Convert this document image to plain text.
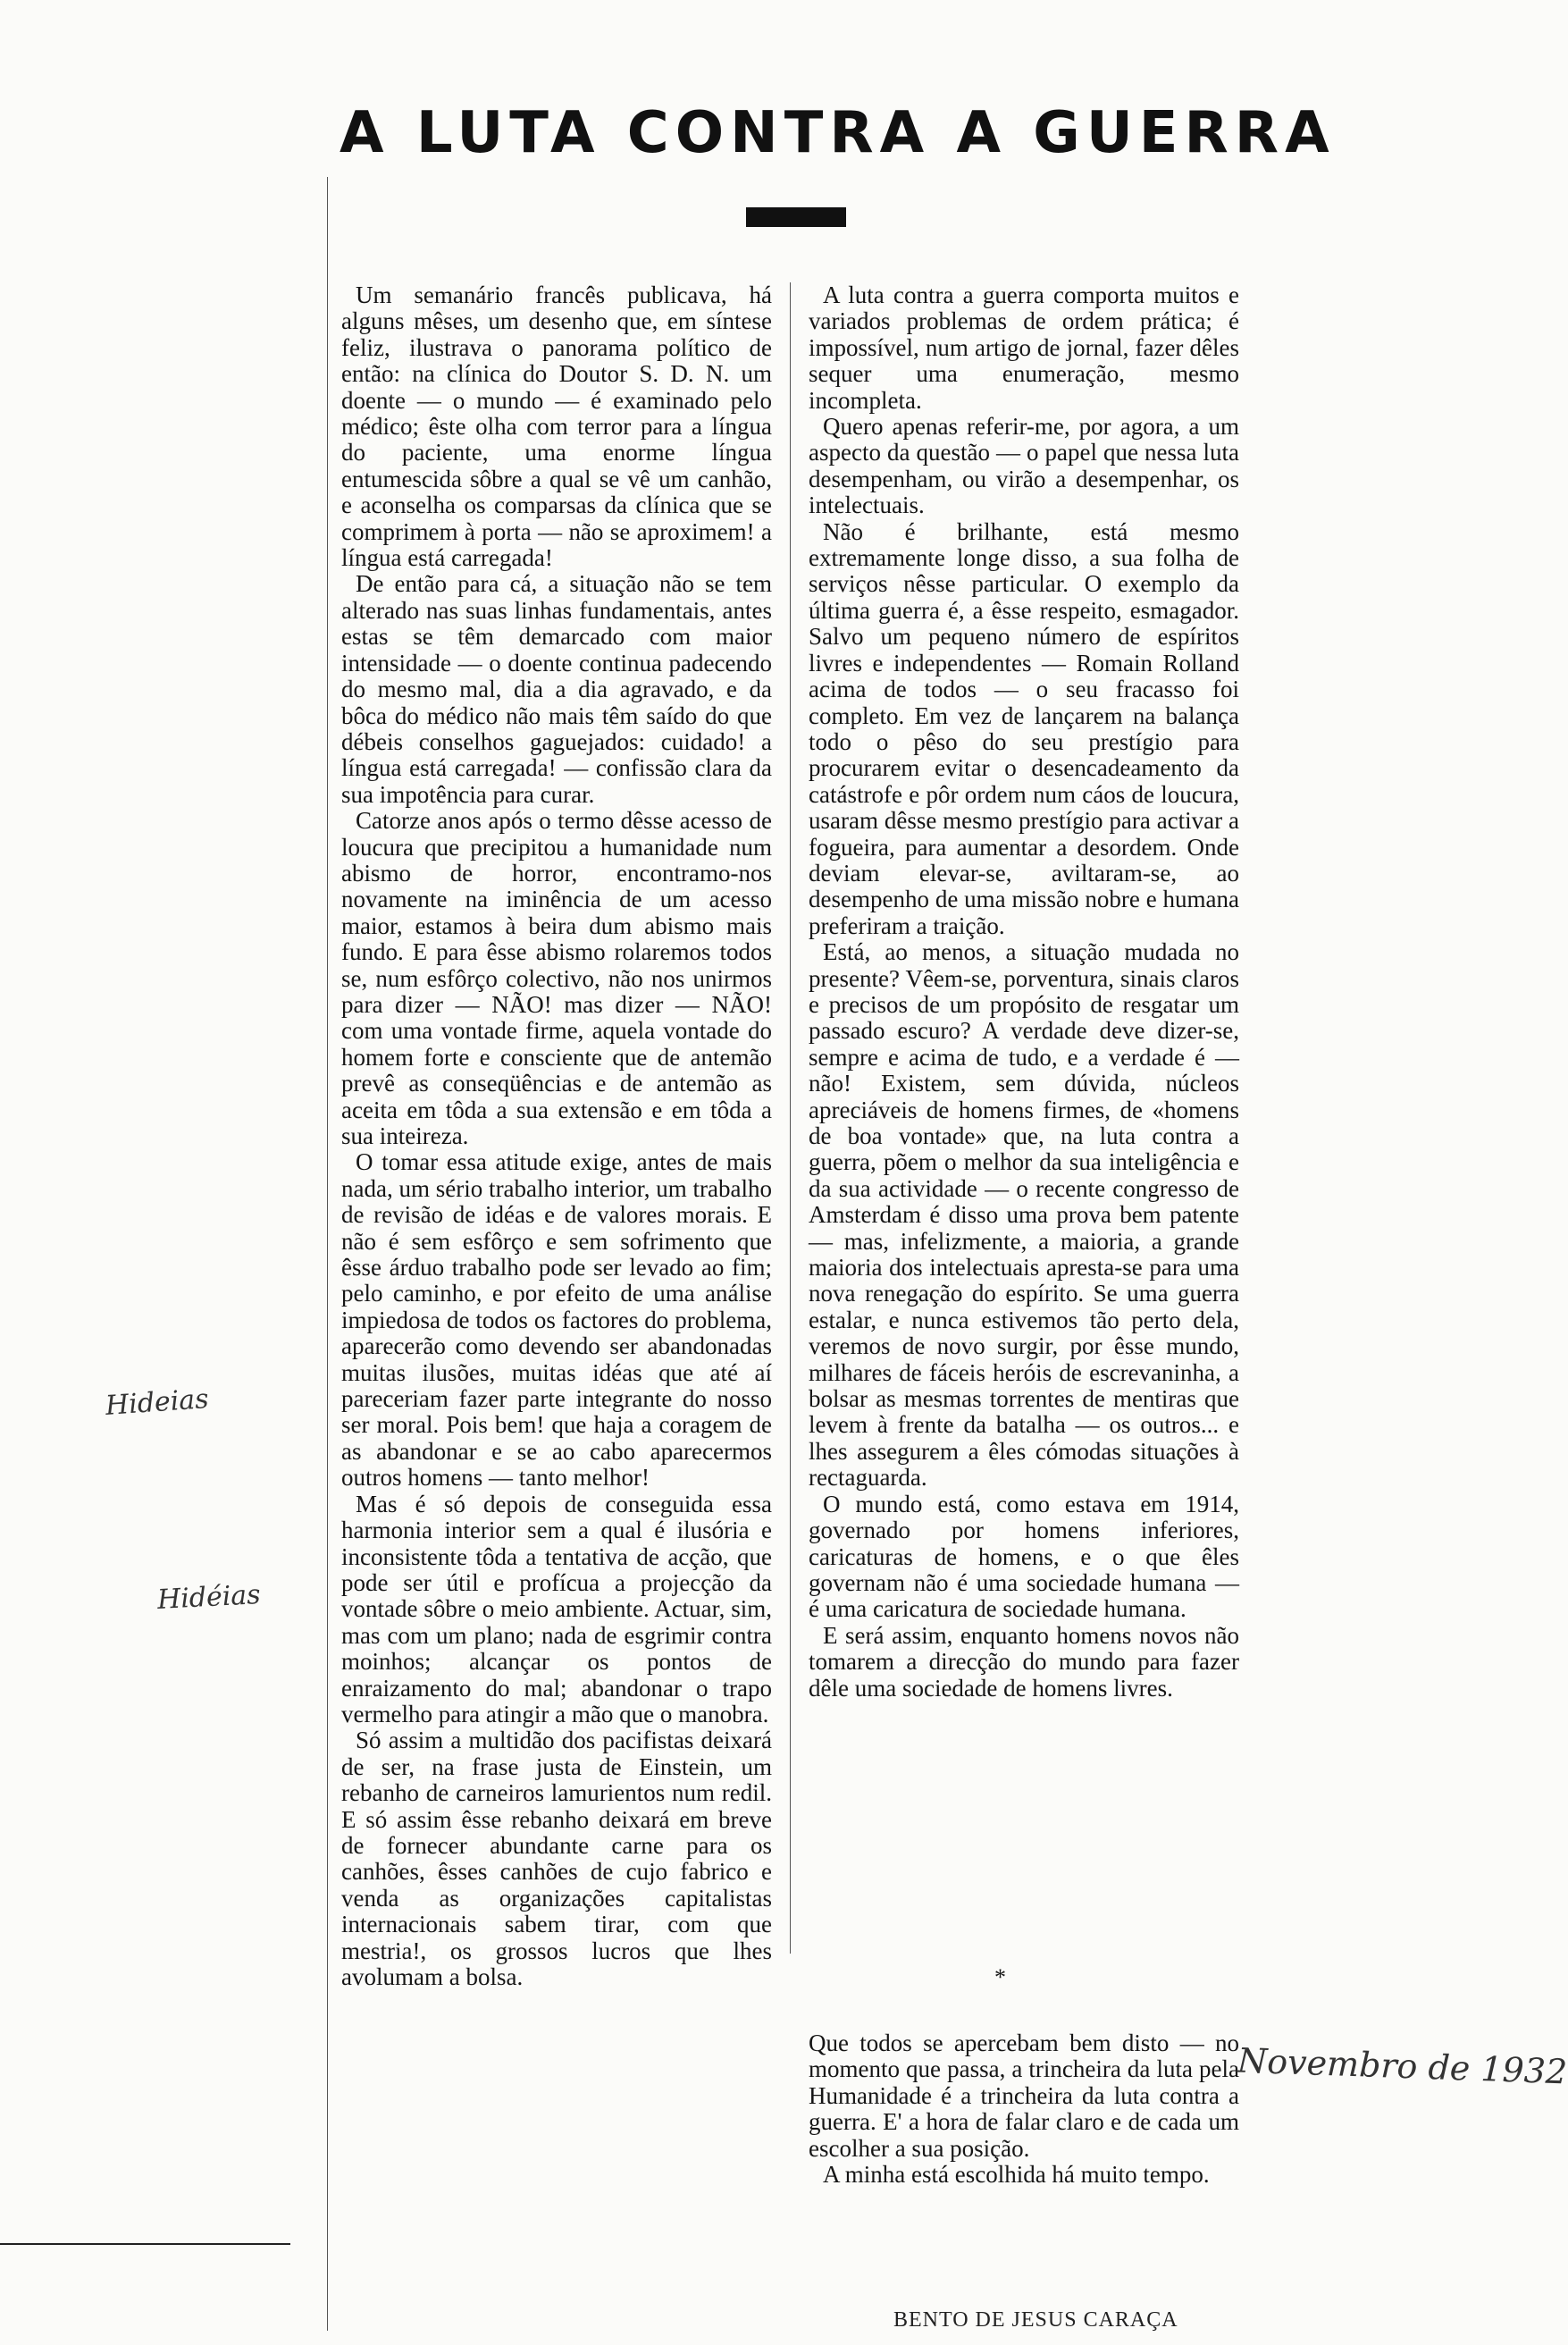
A LUTA CONTRA A GUERRA

Um semanário francês publicava, há alguns mêses, um desenho que, em síntese feliz, ilustrava o panorama político de então: na clínica do Doutor S. D. N. um doente — o mundo — é examinado pelo médico; êste olha com terror para a língua do paciente, uma enorme língua entumescida sôbre a qual se vê um canhão, e aconselha os comparsas da clínica que se comprimem à porta — não se aproximem! a língua está carregada!

De então para cá, a situação não se tem alterado nas suas linhas fundamentais, antes estas se têm demarcado com maior intensidade — o doente continua padecendo do mesmo mal, dia a dia agravado, e da bôca do médico não mais têm saído do que débeis conselhos gaguejados: cuidado! a língua está carregada! — confissão clara da sua impotência para curar.

Catorze anos após o termo dêsse acesso de loucura que precipitou a humanidade num abismo de horror, encontramo-nos novamente na iminência de um acesso maior, estamos à beira dum abismo mais fundo. E para êsse abismo rolaremos todos se, num esfôrço colectivo, não nos unirmos para dizer — NÃO! mas dizer — NÃO! com uma vontade firme, aquela vontade do homem forte e consciente que de antemão prevê as conseqüências e de antemão as aceita em tôda a sua extensão e em tôda a sua inteireza.

O tomar essa atitude exige, antes de mais nada, um sério trabalho interior, um trabalho de revisão de idéas e de valores morais. E não é sem esfôrço e sem sofrimento que êsse árduo trabalho pode ser levado ao fim; pelo caminho, e por efeito de uma análise impiedosa de todos os factores do problema, aparecerão como devendo ser abandonadas muitas ilusões, muitas idéas que até aí pareceriam fazer parte integrante do nosso ser moral. Pois bem! que haja a coragem de as abandonar e se ao cabo aparecermos outros homens — tanto melhor!

Mas é só depois de conseguida essa harmonia interior sem a qual é ilusória e inconsistente tôda a tentativa de acção, que pode ser útil e profícua a projecção da vontade sôbre o meio ambiente. Actuar, sim, mas com um plano; nada de esgrimir contra moinhos; alcançar os pontos de enraizamento do mal; abandonar o trapo vermelho para atingir a mão que o manobra.

Só assim a multidão dos pacifistas deixará de ser, na frase justa de Einstein, um rebanho de carneiros lamurientos num redil. E só assim êsse rebanho deixará em breve de fornecer abundante carne para os canhões, êsses canhões de cujo fabrico e venda as organizações capitalistas internacionais sabem tirar, com que mestria!, os grossos lucros que lhes avolumam a bolsa.

A luta contra a guerra comporta muitos e variados problemas de ordem prática; é impossível, num artigo de jornal, fazer dêles sequer uma enumeração, mesmo incompleta.

Quero apenas referir-me, por agora, a um aspecto da questão — o papel que nessa luta desempenham, ou virão a desempenhar, os intelectuais.

Não é brilhante, está mesmo extremamente longe disso, a sua folha de serviços nêsse particular. O exemplo da última guerra é, a êsse respeito, esmagador. Salvo um pequeno número de espíritos livres e independentes — Romain Rolland acima de todos — o seu fracasso foi completo. Em vez de lançarem na balança todo o pêso do seu prestígio para procurarem evitar o desencadeamento da catástrofe e pôr ordem num cáos de loucura, usaram dêsse mesmo prestígio para activar a fogueira, para aumentar a desordem. Onde deviam elevar-se, aviltaram-se, ao desempenho de uma missão nobre e humana preferiram a traição.

Está, ao menos, a situação mudada no presente? Vêem-se, porventura, sinais claros e precisos de um propósito de resgatar um passado escuro? A verdade deve dizer-se, sempre e acima de tudo, e a verdade é — não! Existem, sem dúvida, núcleos apreciáveis de homens firmes, de «homens de boa vontade» que, na luta contra a guerra, põem o melhor da sua inteligência e da sua actividade — o recente congresso de Amsterdam é disso uma prova bem patente — mas, infelizmente, a maioria, a grande maioria dos intelectuais apresta-se para uma nova renegação do espírito. Se uma guerra estalar, e nunca estivemos tão perto dela, veremos de novo surgir, por êsse mundo, milhares de fáceis heróis de escrevaninha, a bolsar as mesmas torrentes de mentiras que levem à frente da batalha — os outros... e lhes assegurem a êles cómodas situações à rectaguarda.

O mundo está, como estava em 1914, governado por homens inferiores, caricaturas de homens, e o que êles governam não é uma sociedade humana — é uma caricatura de sociedade humana.

E será assim, enquanto homens novos não tomarem a direcção do mundo para fazer dêle uma sociedade de homens livres.

*

Que todos se apercebam bem disto — no momento que passa, a trincheira da luta pela Humanidade é a trincheira da luta contra a guerra. E' a hora de falar claro e de cada um escolher a sua posição.

A minha está escolhida há muito tempo.

BENTO DE JESUS CARAÇA
Hideias
Hidéias
Novembro de 1932
